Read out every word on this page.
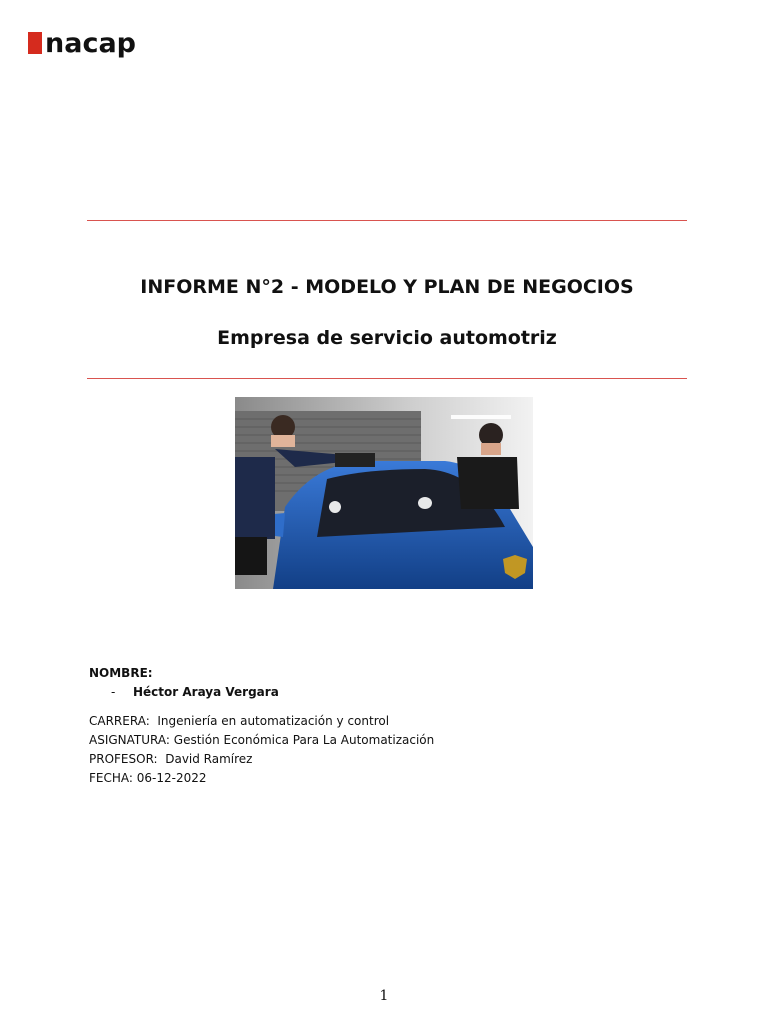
nacap
INFORME N°2 - MODELO Y PLAN DE NEGOCIOS
Empresa de servicio automotriz
NOMBRE:
- Héctor Araya Vergara
CARRERA: Ingeniería en automatización y control
ASIGNATURA: Gestión Económica Para La Automatización
PROFESOR: David Ramírez
FECHA: 06-12-2022
1
